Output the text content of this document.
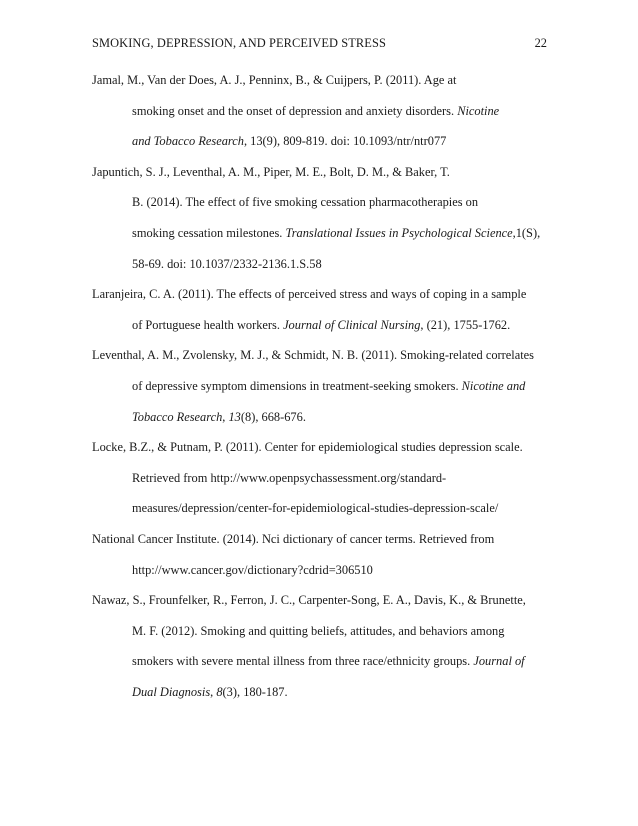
SMOKING, DEPRESSION, AND PERCEIVED STRESS	22
Jamal, M., Van der Does, A. J., Penninx, B., & Cuijpers, P. (2011). Age at
smoking onset and the onset of depression and anxiety disorders. Nicotine
and Tobacco Research, 13(9), 809-819. doi: 10.1093/ntr/ntr077
Japuntich, S. J., Leventhal, A. M., Piper, M. E., Bolt, D. M., & Baker, T.
B. (2014). The effect of five smoking cessation pharmacotherapies on
smoking cessation milestones. Translational Issues in Psychological Science,1(S),
58-69. doi: 10.1037/2332-2136.1.S.58
Laranjeira, C. A. (2011). The effects of perceived stress and ways of coping in a sample
of Portuguese health workers. Journal of Clinical Nursing, (21), 1755-1762.
Leventhal, A. M., Zvolensky, M. J., & Schmidt, N. B. (2011). Smoking-related correlates
of depressive symptom dimensions in treatment-seeking smokers. Nicotine and
Tobacco Research, 13(8), 668-676.
Locke, B.Z., & Putnam, P. (2011). Center for epidemiological studies depression scale.
Retrieved from http://www.openpsychassessment.org/standard-
measures/depression/center-for-epidemiological-studies-depression-scale/
National Cancer Institute. (2014). Nci dictionary of cancer terms. Retrieved from
http://www.cancer.gov/dictionary?cdrid=306510
Nawaz, S., Frounfelker, R., Ferron, J. C., Carpenter-Song, E. A., Davis, K., & Brunette,
M. F. (2012). Smoking and quitting beliefs, attitudes, and behaviors among
smokers with severe mental illness from three race/ethnicity groups. Journal of
Dual Diagnosis, 8(3), 180-187.
